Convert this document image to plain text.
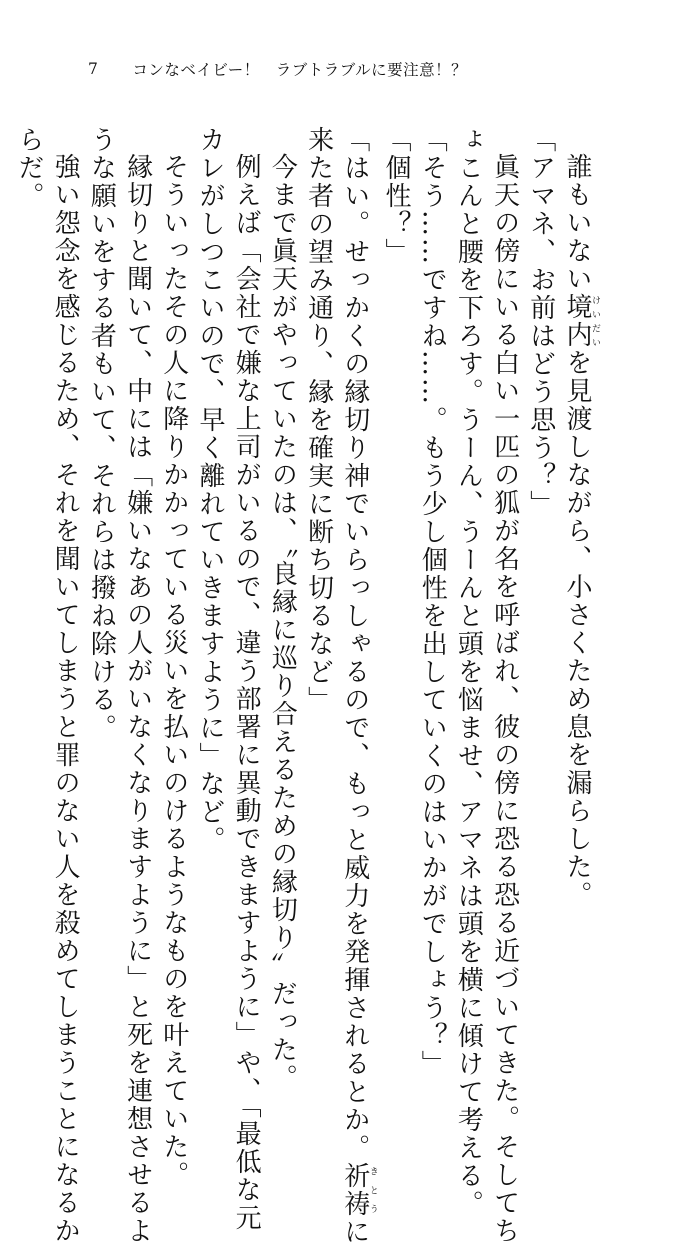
7 コンなベイビー！　ラブトラブルに要注意！？
誰もいない境内けいだいを見渡しながら、小さくため息を漏らした。
「アマネ、お前はどう思う？」
眞天の傍にいる白い一匹の狐が名を呼ばれ、彼の傍に恐る恐る近づいてきた。そしてち
ょこんと腰を下ろす。うーん、うーんと頭を悩ませ、アマネは頭を横に傾けて考える。
「そう……ですね……。もう少し個性を出していくのはいかがでしょう？」
「個性？」
「はい。せっかくの縁切り神でいらっしゃるので、もっと威力を発揮されるとか。祈祷きとうに
来た者の望み通り、縁を確実に断ち切るなど」
今まで眞天がやっていたのは、〝良縁に巡り合えるための縁切り〟だった。
例えば「会社で嫌な上司がいるので、違う部署に異動できますように」や、「最低な元
カレがしつこいので、早く離れていきますように」など。
そういったその人に降りかかっている災いを払いのけるようなものを叶えていた。
縁切りと聞いて、中には「嫌いなあの人がいなくなりますように」と死を連想させるよ
うな願いをする者もいて、それらは撥ね除ける。
強い怨念を感じるため、それを聞いてしまうと罪のない人を殺めてしまうことになるか
らだ。
